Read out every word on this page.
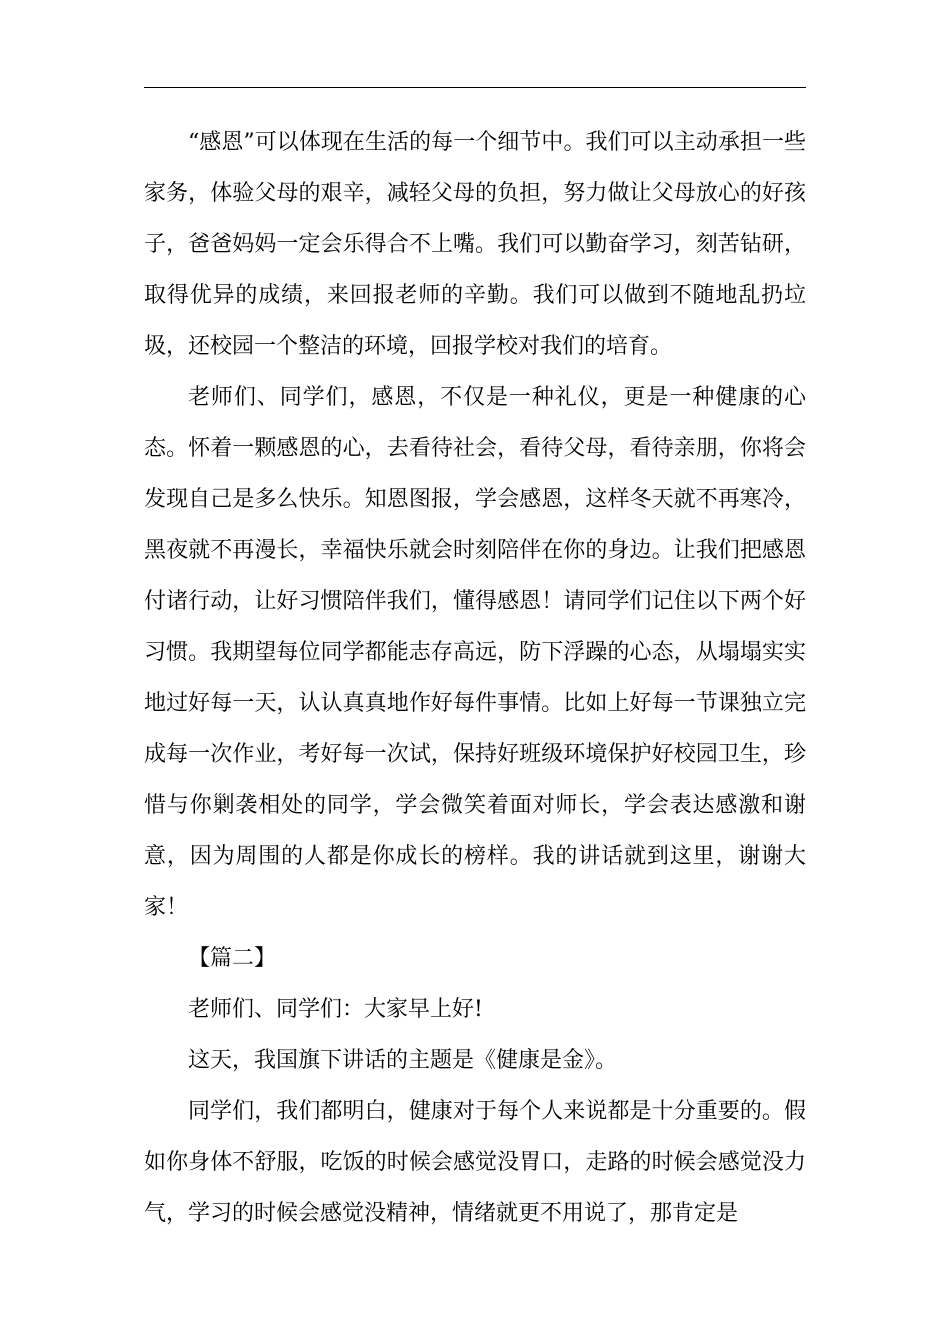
“感恩”可以体现在生活的每一个细节中。我们可以主动承担一些家务，体验父母的艰辛，减轻父母的负担，努力做让父母放心的好孩子，爸爸妈妈一定会乐得合不上嘴。我们可以勤奋学习，刻苦钻研，取得优异的成绩，来回报老师的辛勤。我们可以做到不随地乱扔垃圾，还校园一个整洁的环境，回报学校对我们的培育。

老师们、同学们，感恩，不仅是一种礼仪，更是一种健康的心态。怀着一颗感恩的心，去看待社会，看待父母，看待亲朋，你将会发现自己是多么快乐。知恩图报，学会感恩，这样冬天就不再寒冷，黑夜就不再漫长，幸福快乐就会时刻陪伴在你的身边。让我们把感恩付诸行动，让好习惯陪伴我们，懂得感恩！请同学们记住以下两个好习惯。我期望每位同学都能志存高远，防下浮躁的心态，从塌塌实实地过好每一天，认认真真地作好每件事情。比如上好每一节课独立完成每一次作业，考好每一次试，保持好班级环境保护好校园卫生，珍惜与你剿袭相处的同学，学会微笑着面对师长，学会表达感激和谢意，因为周围的人都是你成长的榜样。我的讲话就到这里，谢谢大家！

【篇二】

老师们、同学们：大家早上好!

这天，我国旗下讲话的主题是《健康是金》。

同学们，我们都明白，健康对于每个人来说都是十分重要的。假如你身体不舒服，吃饭的时候会感觉没胃口，走路的时候会感觉没力气，学习的时候会感觉没精神，情绪就更不用说了，那肯定是
